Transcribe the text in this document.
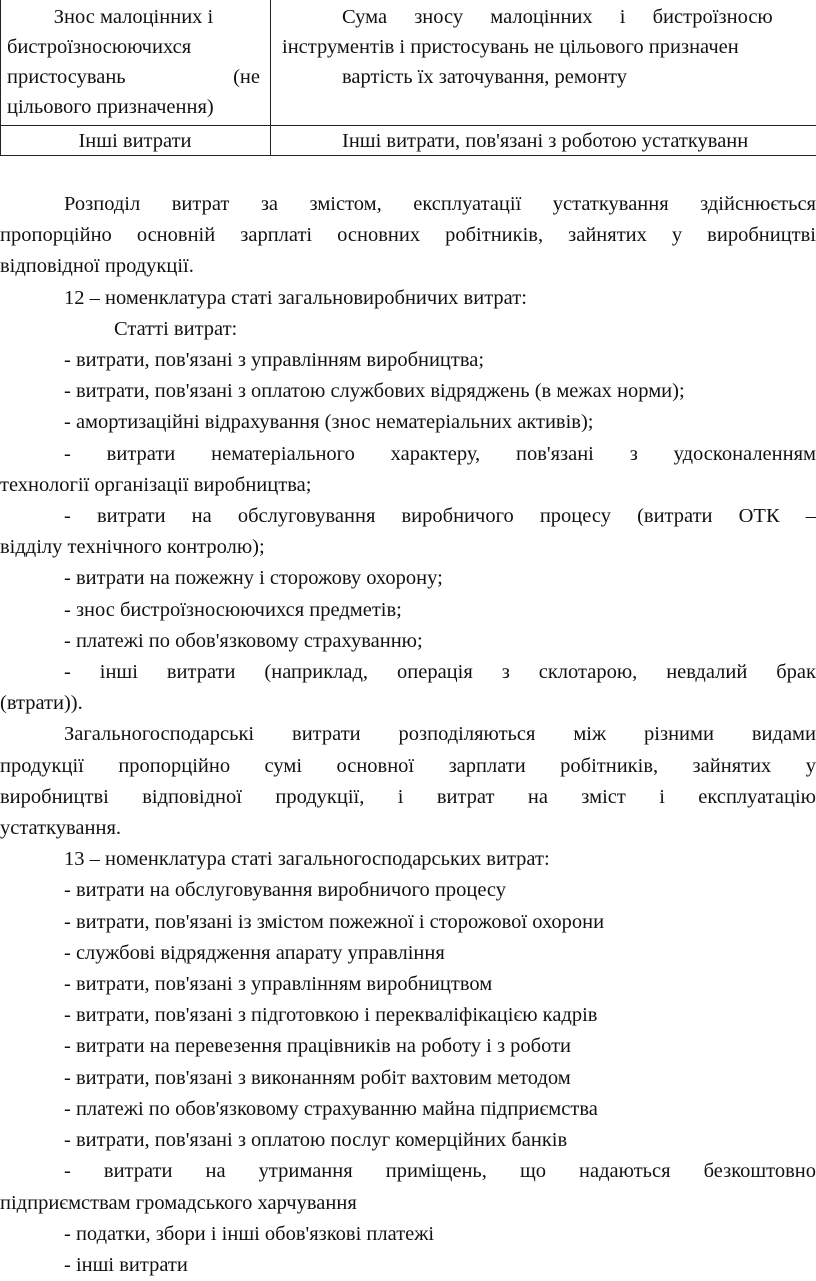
Знос малоцінних і
бистроїзносюючихся
пристосувань (не
цільового призначення)
Сума зносу малоцінних і бистроїзносю
інструментів і пристосувань не цільового призначен
вартість їх заточування, ремонту
Інші витрати	Інші витрати, пов'язані з роботою устаткуванн
Розподіл витрат за змістом, експлуатації устаткування здійснюється
пропорційно основній зарплаті основних робітників, зайнятих у виробництві
відповідної продукції.
12 – номенклатура статі загальновиробничих витрат:
Статті витрат:
- витрати, пов'язані з управлінням виробництва;
- витрати, пов'язані з оплатою службових відряджень (в межах норми);
- амортизаційні відрахування (знос нематеріальних активів);
- витрати нематеріального характеру, пов'язані з удосконаленням
технології організації виробництва;
- витрати на обслуговування виробничого процесу (витрати ОТК –
відділу технічного контролю);
- витрати на пожежну і сторожову охорону;
- знос бистроїзносюючихся предметів;
- платежі по обов'язковому страхуванню;
- інші витрати (наприклад, операція з склотарою, невдалий брак
(втрати)).
Загальногосподарські витрати розподіляються між різними видами
продукції пропорційно сумі основної зарплати робітників, зайнятих у
виробництві відповідної продукції, і витрат на зміст і експлуатацію
устаткування.
13 – номенклатура статі загальногосподарських витрат:
- витрати на обслуговування виробничого процесу
- витрати, пов'язані із змістом пожежної і сторожової охорони
- службові відрядження апарату управління
- витрати, пов'язані з управлінням виробництвом
- витрати, пов'язані з підготовкою і перекваліфікацією кадрів
- витрати на перевезення працівників на роботу і з роботи
- витрати, пов'язані з виконанням робіт вахтовим методом
- платежі по обов'язковому страхуванню майна підприємства
- витрати, пов'язані з оплатою послуг комерційних банків
- витрати на утримання приміщень, що надаються безкоштовно
підприємствам громадського харчування
- податки, збори і інші обов'язкові платежі
- інші витрати
